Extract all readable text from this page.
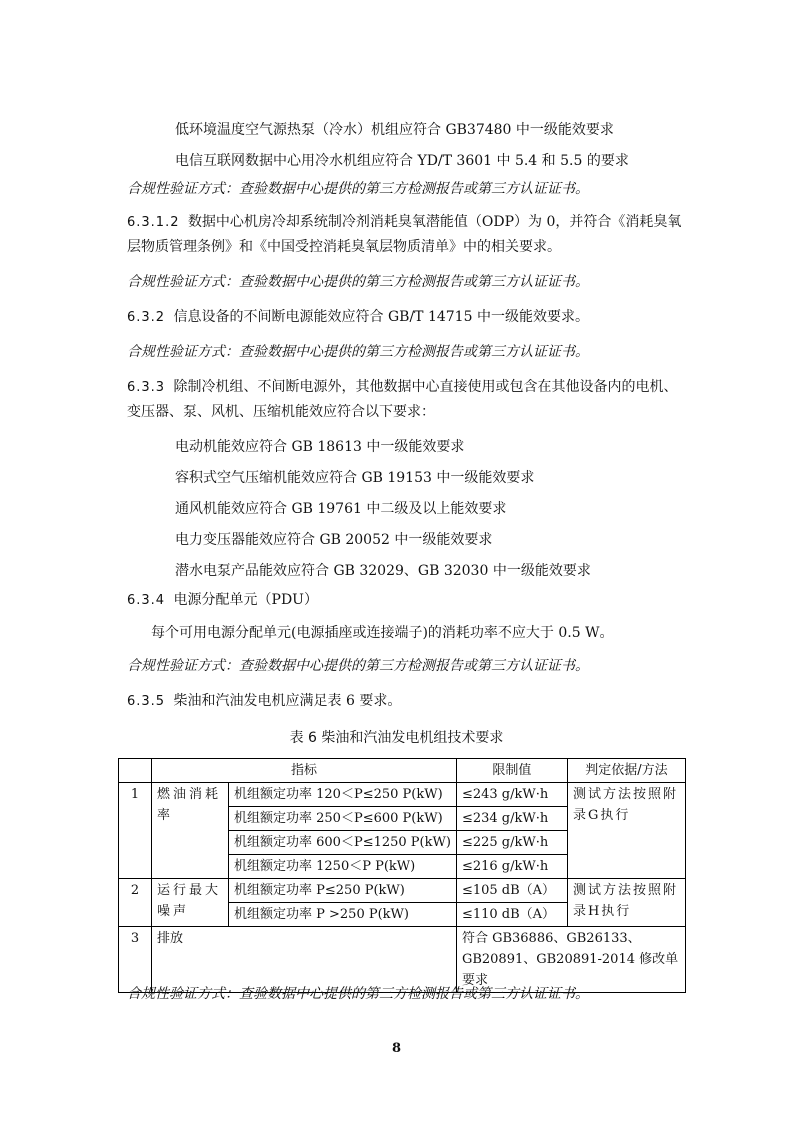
低环境温度空气源热泵（冷水）机组应符合 GB37480 中一级能效要求
电信互联网数据中心用冷水机组应符合 YD/T 3601 中 5.4 和 5.5 的要求
合规性验证方式：查验数据中心提供的第三方检测报告或第三方认证证书。
6.3.1.2 数据中心机房冷却系统制冷剂消耗臭氧潜能值（ODP）为 0，并符合《消耗臭氧
层物质管理条例》和《中国受控消耗臭氧层物质清单》中的相关要求。
合规性验证方式：查验数据中心提供的第三方检测报告或第三方认证证书。
6.3.2 信息设备的不间断电源能效应符合 GB/T 14715 中一级能效要求。
合规性验证方式：查验数据中心提供的第三方检测报告或第三方认证证书。
6.3.3 除制冷机组、不间断电源外，其他数据中心直接使用或包含在其他设备内的电机、
变压器、泵、风机、压缩机能效应符合以下要求：
电动机能效应符合 GB 18613 中一级能效要求
容积式空气压缩机能效应符合 GB 19153 中一级能效要求
通风机能效应符合 GB 19761 中二级及以上能效要求
电力变压器能效应符合 GB 20052 中一级能效要求
潜水电泵产品能效应符合 GB 32029、GB 32030 中一级能效要求
6.3.4 电源分配单元（PDU）
每个可用电源分配单元(电源插座或连接端子)的消耗功率不应大于 0.5 W。
合规性验证方式：查验数据中心提供的第三方检测报告或第三方认证证书。
6.3.5 柴油和汽油发电机应满足表 6 要求。
表 6 柴油和汽油发电机组技术要求
	指标		限制值	判定依据/方法
1	燃油消耗率	机组额定功率 120＜P≤250 P(kW)	≤243 g/kW·h	测试方法按照附录G执行
		机组额定功率 250＜P≤600 P(kW)	≤234 g/kW·h	
		机组额定功率 600＜P≤1250 P(kW)	≤225 g/kW·h	
		机组额定功率 1250＜P P(kW)	≤216 g/kW·h	
2	运行最大噪声	机组额定功率 P≤250 P(kW)	≤105 dB（A）	测试方法按照附录H执行
		机组额定功率 P >250 P(kW)	≤110 dB（A）	
3	排放		符合 GB36886、GB26133、GB20891、GB20891-2014 修改单要求	
合规性验证方式：查验数据中心提供的第三方检测报告或第三方认证证书。
8
